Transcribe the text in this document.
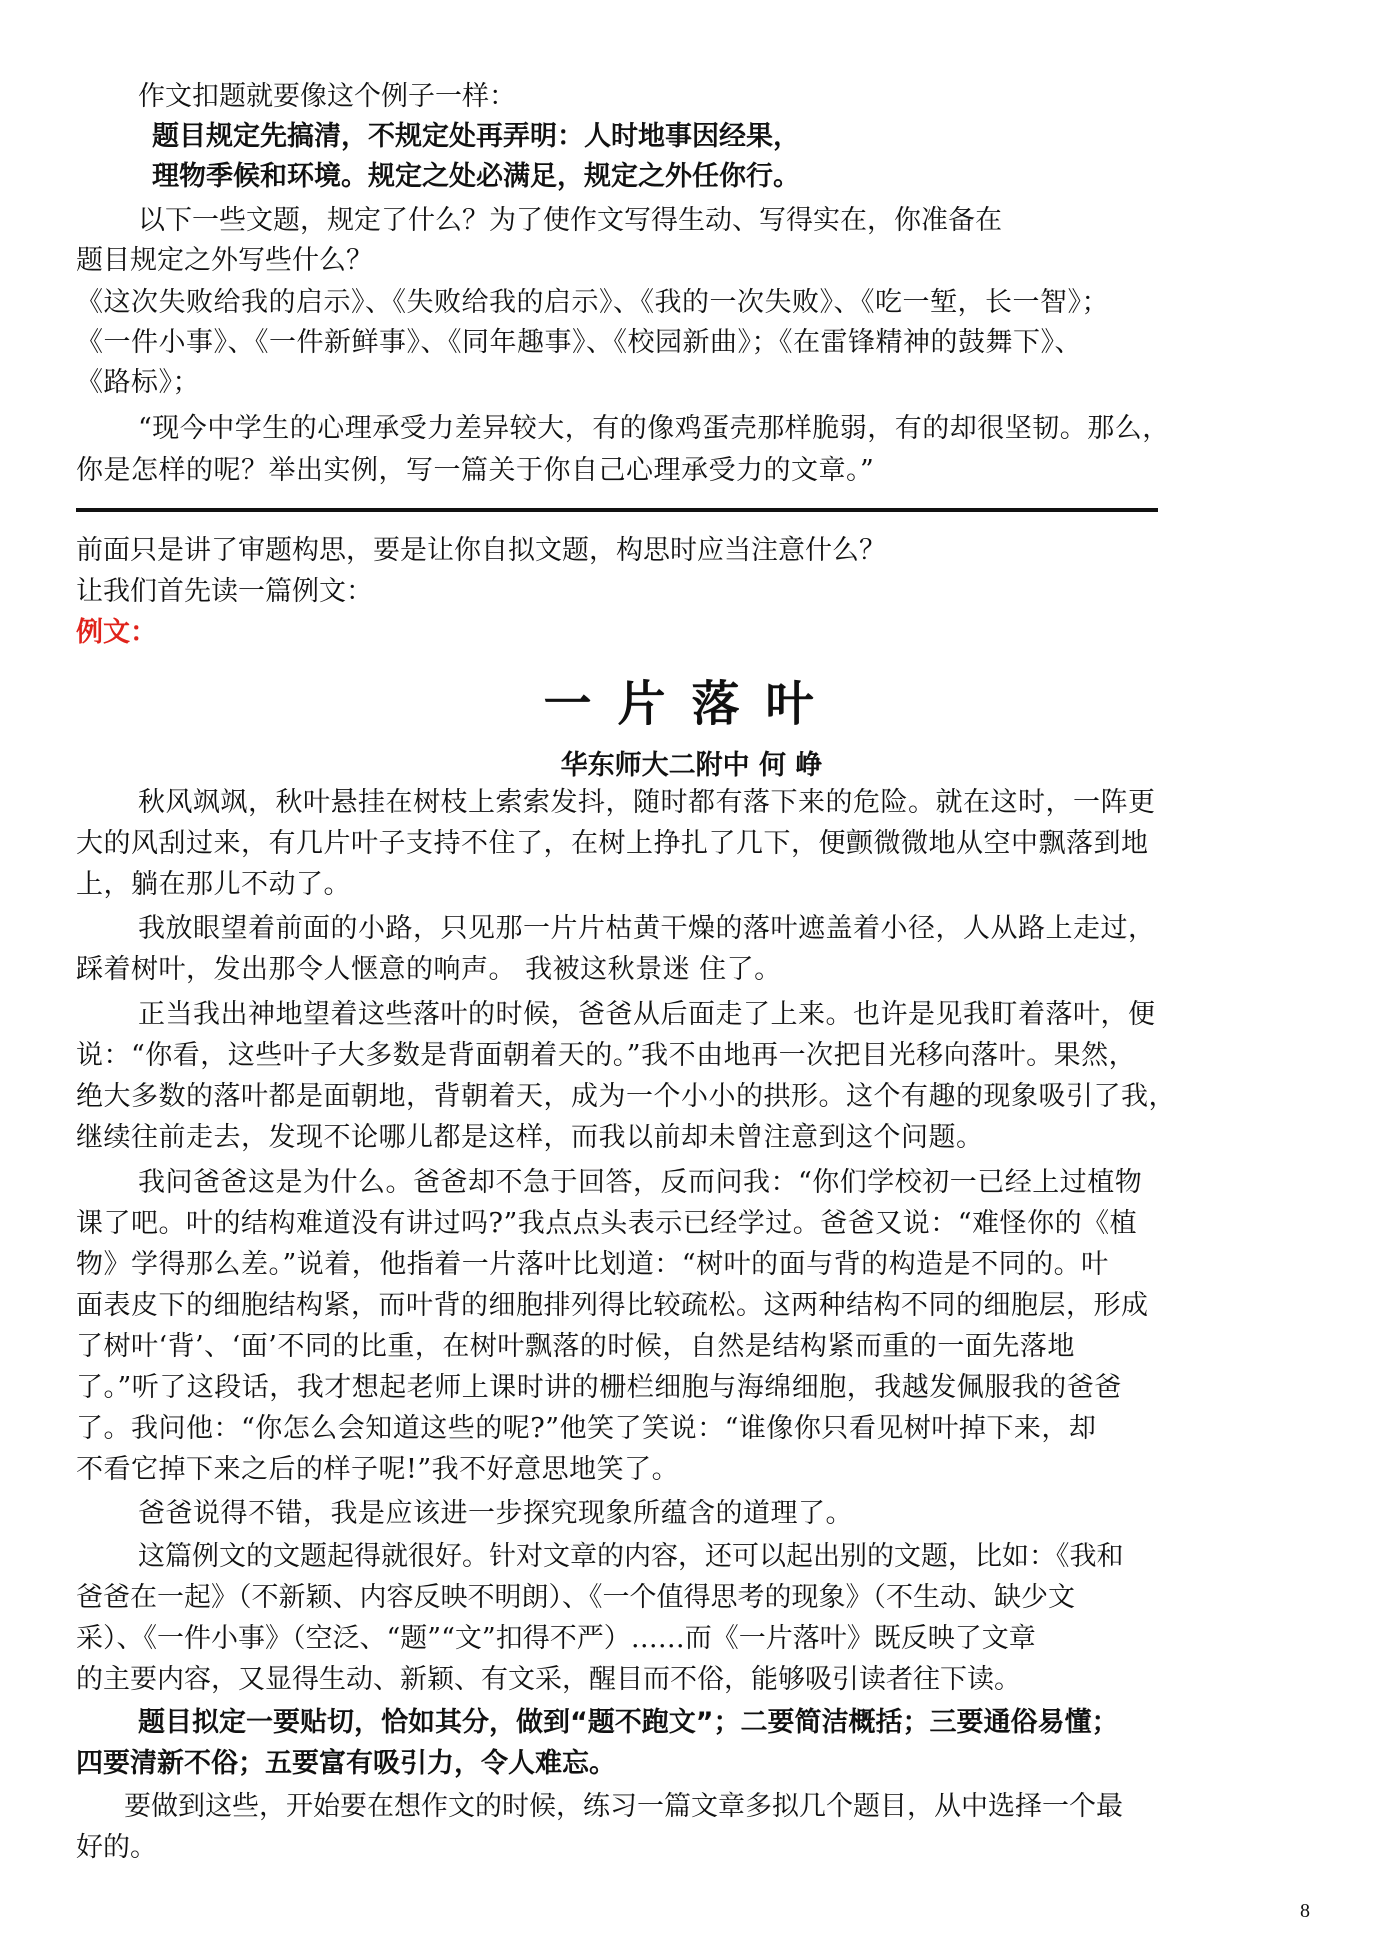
作文扣题就要像这个例子一样：
题目规定先搞清，不规定处再弄明：人时地事因经果，
理物季候和环境。规定之处必满足，规定之外任你行。
以下一些文题，规定了什么？为了使作文写得生动、写得实在，你准备在
题目规定之外写些什么？
《这次失败给我的启示》、《失败给我的启示》、《我的一次失败》、《吃一堑，长一智》；
《一件小事》、《一件新鲜事》、《同年趣事》、《校园新曲》；《在雷锋精神的鼓舞下》、
《路标》；
“现今中学生的心理承受力差异较大，有的像鸡蛋壳那样脆弱，有的却很坚韧。那么，
你是怎样的呢？举出实例，写一篇关于你自己心理承受力的文章。”
前面只是讲了审题构思，要是让你自拟文题，构思时应当注意什么？
让我们首先读一篇例文：
例文：
一片落叶
华东师大二附中 何 峥
秋风飒飒，秋叶悬挂在树枝上索索发抖，随时都有落下来的危险。就在这时，一阵更
大的风刮过来，有几片叶子支持不住了，在树上挣扎了几下，便颤微微地从空中飘落到地
上，躺在那儿不动了。
我放眼望着前面的小路，只见那一片片枯黄干燥的落叶遮盖着小径，人从路上走过，
踩着树叶，发出那令人惬意的响声。 我被这秋景迷 住了。
正当我出神地望着这些落叶的时候，爸爸从后面走了上来。也许是见我盯着落叶，便
说：“你看，这些叶子大多数是背面朝着天的。”我不由地再一次把目光移向落叶。果然，
绝大多数的落叶都是面朝地，背朝着天，成为一个小小的拱形。这个有趣的现象吸引了我，
继续往前走去，发现不论哪儿都是这样，而我以前却未曾注意到这个问题。
我问爸爸这是为什么。爸爸却不急于回答，反而问我：“你们学校初一已经上过植物
课了吧。叶的结构难道没有讲过吗?”我点点头表示已经学过。爸爸又说：“难怪你的《植
物》学得那么差。”说着，他指着一片落叶比划道：“树叶的面与背的构造是不同的。叶
面表皮下的细胞结构紧，而叶背的细胞排列得比较疏松。这两种结构不同的细胞层，形成
了树叶‘背’、‘面’不同的比重，在树叶飘落的时候，自然是结构紧而重的一面先落地
了。”听了这段话，我才想起老师上课时讲的栅栏细胞与海绵细胞，我越发佩服我的爸爸
了。我问他：“你怎么会知道这些的呢?”他笑了笑说：“谁像你只看见树叶掉下来，却
不看它掉下来之后的样子呢!”我不好意思地笑了。
爸爸说得不错，我是应该进一步探究现象所蕴含的道理了。
这篇例文的文题起得就很好。针对文章的内容，还可以起出别的文题，比如：《我和
爸爸在一起》（不新颖、内容反映不明朗）、《一个值得思考的现象》（不生动、缺少文
采）、《一件小事》（空泛、“题”“文”扣得不严）……而《一片落叶》既反映了文章
的主要内容，又显得生动、新颖、有文采，醒目而不俗，能够吸引读者往下读。
题目拟定一要贴切，恰如其分，做到“题不跑文”；二要简洁概括；三要通俗易懂；
四要清新不俗；五要富有吸引力，令人难忘。
要做到这些，开始要在想作文的时候，练习一篇文章多拟几个题目，从中选择一个最
好的。
8
